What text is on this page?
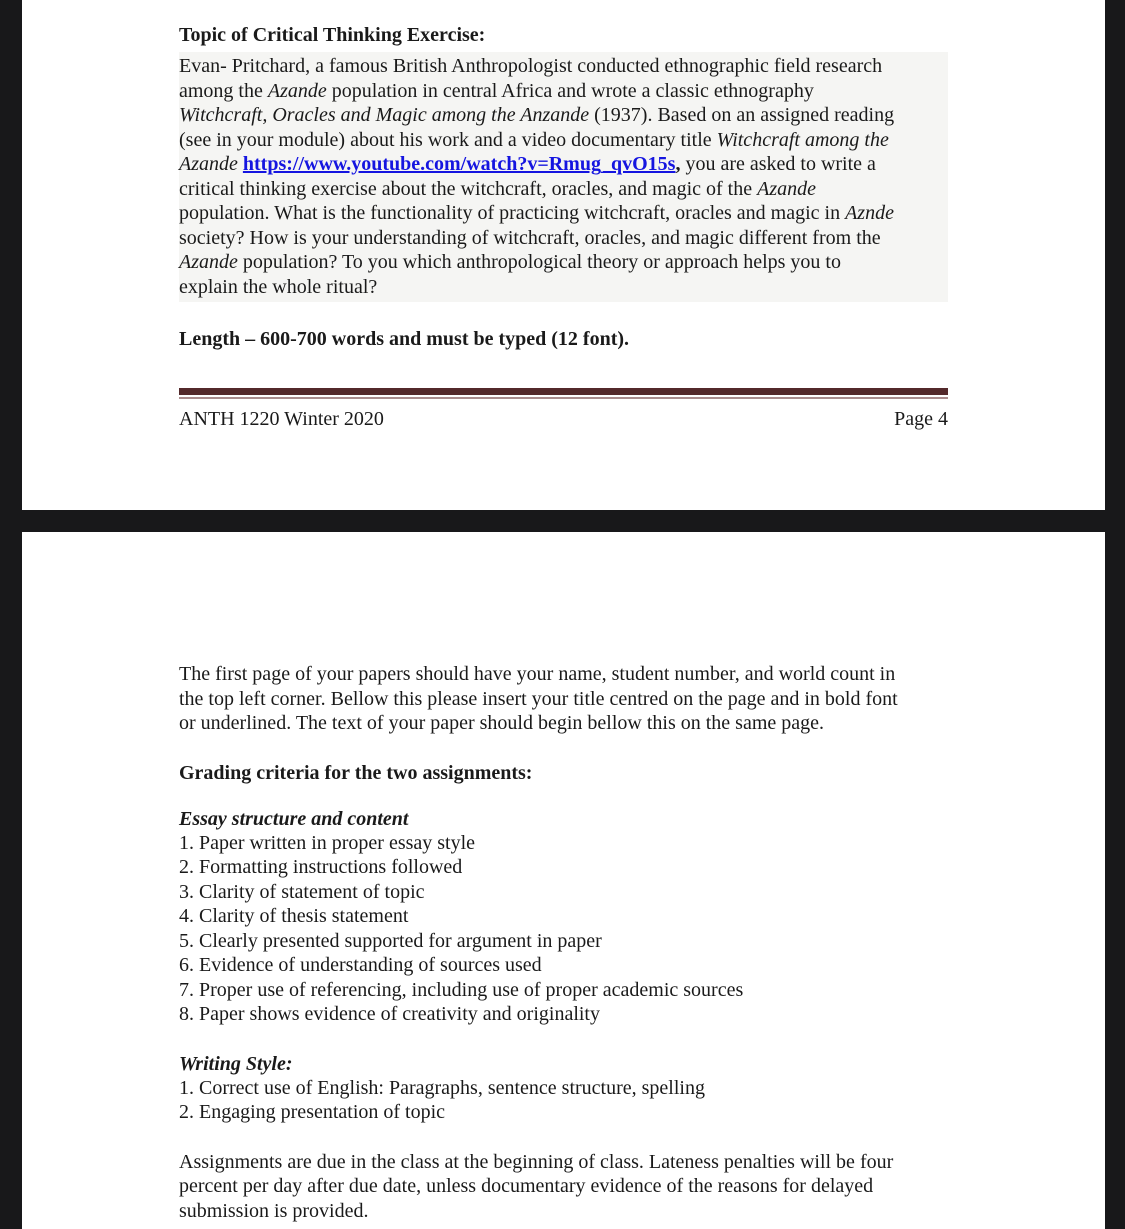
Topic of Critical Thinking Exercise:
Evan- Pritchard, a famous British Anthropologist conducted ethnographic field research
among the Azande population in central Africa and wrote a classic ethnography
Witchcraft, Oracles and Magic among the Anzande (1937). Based on an assigned reading
(see in your module) about his work and a video documentary title Witchcraft among the
Azande https://www.youtube.com/watch?v=Rmug_qvO15s, you are asked to write a
critical thinking exercise about the witchcraft, oracles, and magic of the Azande
population. What is the functionality of practicing witchcraft, oracles and magic in Aznde
society? How is your understanding of witchcraft, oracles, and magic different from the
Azande population? To you which anthropological theory or approach helps you to
explain the whole ritual?
Length – 600-700 words and must be typed (12 font).
ANTH 1220 Winter 2020	Page 4
The first page of your papers should have your name, student number, and world count in
the top left corner. Bellow this please insert your title centred on the page and in bold font
or underlined. The text of your paper should begin bellow this on the same page.
Grading criteria for the two assignments:
Essay structure and content
1. Paper written in proper essay style
2. Formatting instructions followed
3. Clarity of statement of topic
4. Clarity of thesis statement
5. Clearly presented supported for argument in paper
6. Evidence of understanding of sources used
7. Proper use of referencing, including use of proper academic sources
8. Paper shows evidence of creativity and originality
Writing Style:
1. Correct use of English: Paragraphs, sentence structure, spelling
2. Engaging presentation of topic
Assignments are due in the class at the beginning of class. Lateness penalties will be four
percent per day after due date, unless documentary evidence of the reasons for delayed
submission is provided.
